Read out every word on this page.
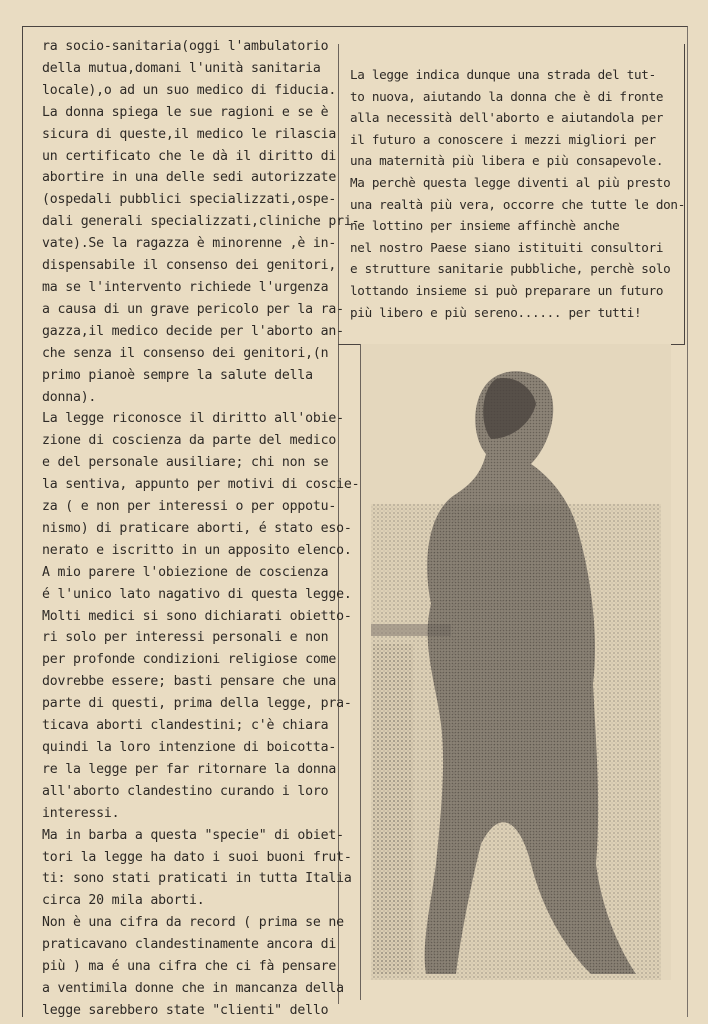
ra socio-sanitaria(oggi l'ambulatorio

della mutua,domani l'unità sanitaria

locale),o ad un suo medico di fiducia.

La donna spiega le sue ragioni e se è

sicura di queste,il medico le rilascia

un certificato che le dà il diritto di

abortire in una delle sedi autorizzate

(ospedali pubblici specializzati,ospe-

dali generali specializzati,cliniche pri-

vate).Se la ragazza è minorenne ,è in-

dispensabile il consenso dei genitori,

ma se l'intervento richiede l'urgenza

a causa di un grave pericolo per la ra-

gazza,il medico decide per l'aborto an-

che senza il consenso dei genitori,(n

primo pianoè sempre la salute della

donna).

La legge riconosce il diritto all'obie-

zione di coscienza da parte del medico

e del personale ausiliare; chi non se

la sentiva, appunto per motivi di coscie-

za ( e non per interessi o per oppotu-

nismo) di praticare aborti, é stato eso-

nerato e iscritto in un apposito elenco.

A mio parere l'obiezione de coscienza

é l'unico lato nagativo di questa legge.

Molti medici si sono dichiarati obietto-

ri solo per interessi personali e non

per profonde condizioni religiose come

dovrebbe essere; basti pensare che una

parte di questi, prima della legge, pra-

ticava aborti clandestini; c'è chiara

quindi la loro intenzione di boicotta-

re la legge per far ritornare la donna

all'aborto clandestino curando i loro

interessi.

Ma in barba a questa "specie" di obiet-

tori la legge ha dato i suoi buoni frut-

ti: sono stati praticati in tutta Italia

circa 20 mila aborti.

Non è una cifra da record ( prima se ne

praticavano clandestinamente ancora di

più ) ma é una cifra che ci fà pensare

a ventimila donne che in mancanza della

legge sarebbero state "clienti" dello

La legge indica dunque una strada del tut-

to nuova, aiutando la donna che è di fronte

alla necessità dell'aborto e aiutandola per

il futuro a conoscere i mezzi migliori per

una maternità più libera e più consapevole.

Ma perchè questa legge diventi al più presto

una realtà più vera, occorre che tutte le don-

ne lottino per insieme affinchè anche

nel nostro Paese siano istituiti consultori

e strutture sanitarie pubbliche, perchè solo

lottando insieme si può preparare un futuro

più libero e più sereno...... per tutti!
